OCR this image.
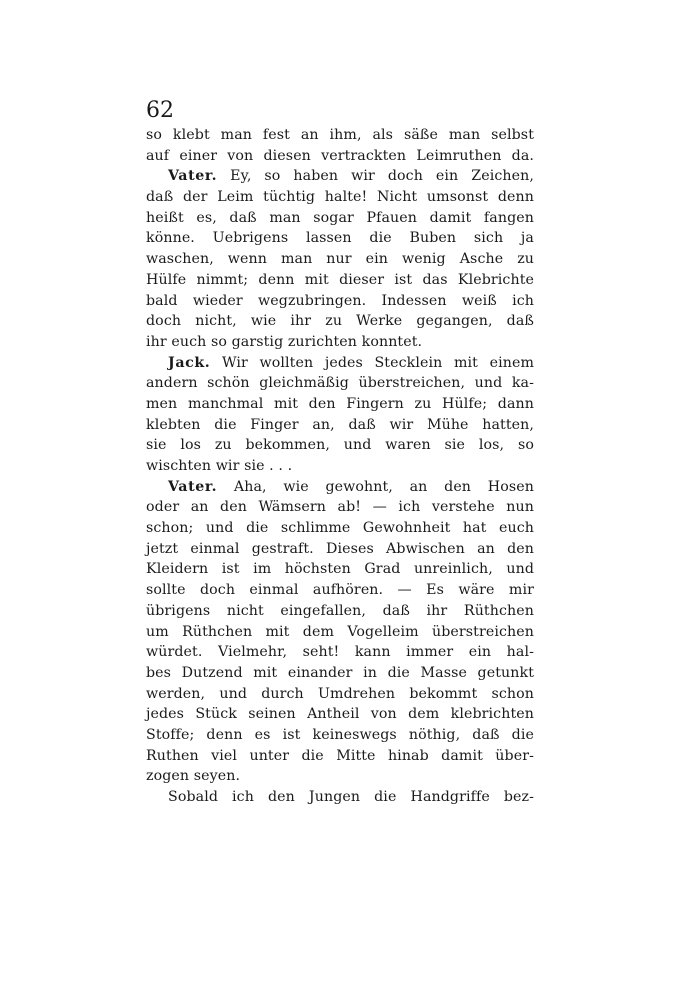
62
so klebt man fest an ihm, als säße man selbst
auf einer von diesen vertrackten Leimruthen da.
Vater. Ey, so haben wir doch ein Zeichen,
daß der Leim tüchtig halte! Nicht umsonst denn
heißt es, daß man sogar Pfauen damit fangen
könne. Uebrigens lassen die Buben sich ja
waschen, wenn man nur ein wenig Asche zu
Hülfe nimmt; denn mit dieser ist das Klebrichte
bald wieder wegzubringen. Indessen weiß ich
doch nicht, wie ihr zu Werke gegangen, daß
ihr euch so garstig zurichten konntet.
Jack. Wir wollten jedes Stecklein mit einem
andern schön gleichmäßig überstreichen, und ka-
men manchmal mit den Fingern zu Hülfe; dann
klebten die Finger an, daß wir Mühe hatten,
sie los zu bekommen, und waren sie los, so
wischten wir sie . . .
Vater. Aha, wie gewohnt, an den Hosen
oder an den Wämsern ab! — ich verstehe nun
schon; und die schlimme Gewohnheit hat euch
jetzt einmal gestraft. Dieses Abwischen an den
Kleidern ist im höchsten Grad unreinlich, und
sollte doch einmal aufhören. — Es wäre mir
übrigens nicht eingefallen, daß ihr Rüthchen
um Rüthchen mit dem Vogelleim überstreichen
würdet. Vielmehr, seht! kann immer ein hal-
bes Dutzend mit einander in die Masse getunkt
werden, und durch Umdrehen bekommt schon
jedes Stück seinen Antheil von dem klebrichten
Stoffe; denn es ist keineswegs nöthig, daß die
Ruthen viel unter die Mitte hinab damit über-
zogen seyen.
Sobald ich den Jungen die Handgriffe bez-
